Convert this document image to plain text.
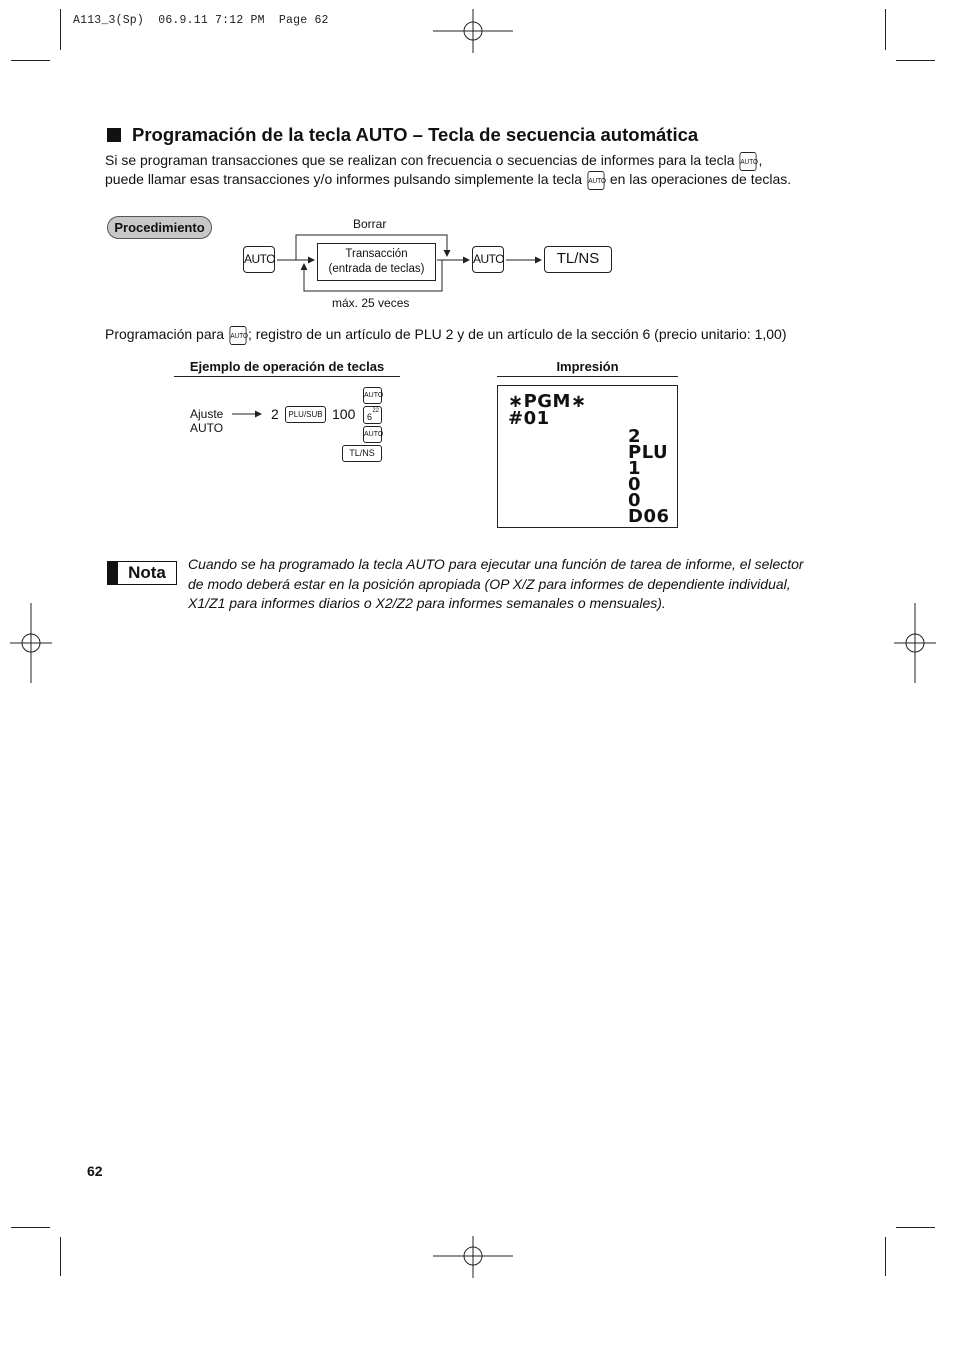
A113_3(Sp)  06.9.11 7:12 PM  Page 62
Programación de la tecla AUTO – Tecla de secuencia automática
Si se programan transacciones que se realizan con frecuencia o secuencias de informes para la tecla AUTO,
puede llamar esas transacciones y/o informes pulsando simplemente la tecla AUTO en las operaciones de teclas.
Procedimiento	Borrar
AUTO	Transacción
(entrada de teclas)
AUTO	TL/NS
máx. 25 veces
Programación para AUTO; registro de un artículo de PLU 2 y de un artículo de la sección 6 (precio unitario: 1,00)
Ejemplo de operación de teclas	Impresión
Ajuste
AUTO
2	PLU/SUB 100
AUTO
22
6
AUTO
TL/NS
∗PGM∗
#01
2
PLU
1
0
0
D06
Nota	Cuando se ha programado la tecla AUTO para ejecutar una función de tarea de informe, el selector
de modo deberá estar en la posición apropiada (OP X/Z para informes de dependiente individual,
X1/Z1 para informes diarios o X2/Z2 para informes semanales o mensuales).
62
